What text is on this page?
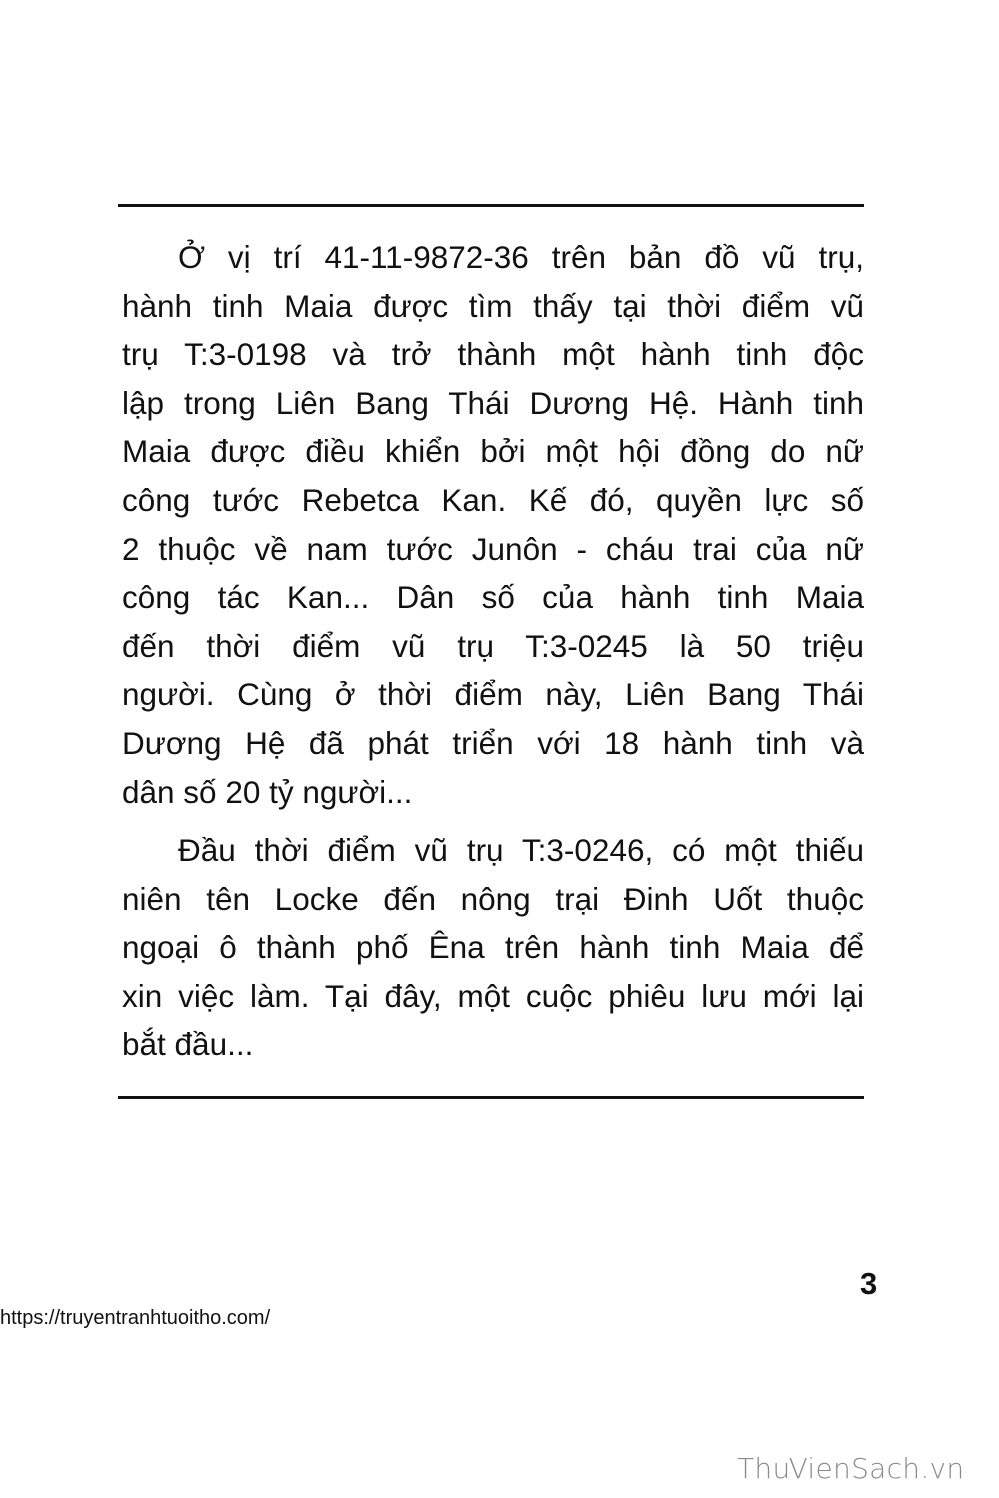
Ở vị trí 41-11-9872-36 trên bản đồ vũ trụ,
hành tinh Maia được tìm thấy tại thời điểm vũ
trụ T:3-0198 và trở thành một hành tinh độc
lập trong Liên Bang Thái Dương Hệ. Hành tinh
Maia được điều khiển bởi một hội đồng do nữ
công tước Rebetca Kan. Kế đó, quyền lực số
2 thuộc về nam tước Junôn - cháu trai của nữ
công tác Kan... Dân số của hành tinh Maia
đến thời điểm vũ trụ T:3-0245 là 50 triệu
người. Cùng ở thời điểm này, Liên Bang Thái
Dương Hệ đã phát triển với 18 hành tinh và
dân số 20 tỷ người...
Đầu thời điểm vũ trụ T:3-0246, có một thiếu
niên tên Locke đến nông trại Đinh Uốt thuộc
ngoại ô thành phố Êna trên hành tinh Maia để
xin việc làm. Tại đây, một cuộc phiêu lưu mới lại
bắt đầu...
3
https://truyentranhtuoitho.com/
ThuVienSach.vn
